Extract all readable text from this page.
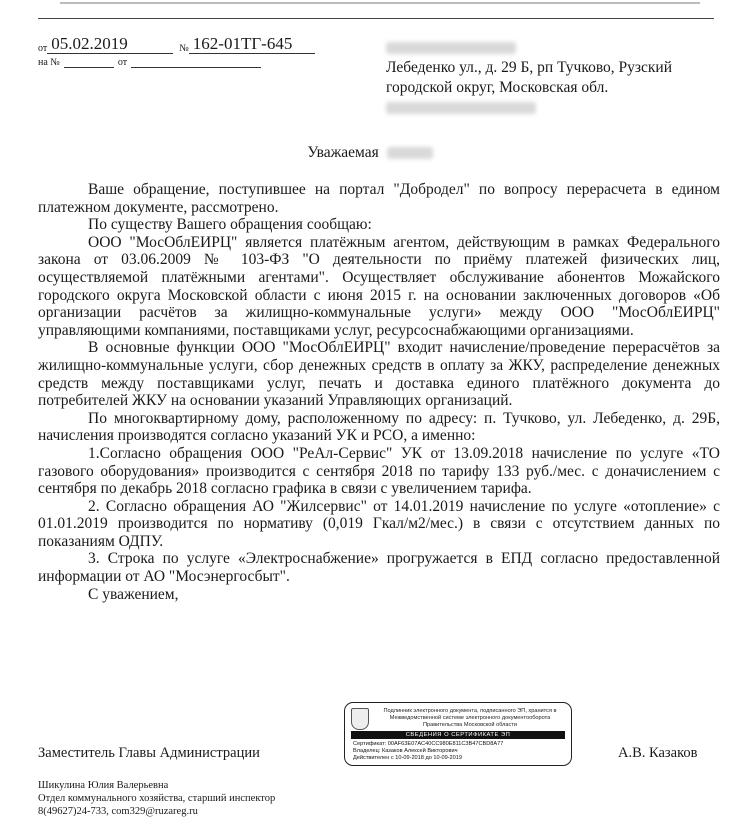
от 05.02.2019	№ 162-01ТГ-645
на №	от	Лебеденко ул., д. 29 Б, рп Тучково, Рузский городской округ, Московская обл.
Уважаемая

Ваше обращение, поступившее на портал "Добродел" по вопросу перерасчета в едином платежном документе, рассмотрено.

По существу Вашего обращения сообщаю:

ООО "МосОблЕИРЦ" является платёжным агентом, действующим в рамках Федерального закона от 03.06.2009 № 103-ФЗ "О деятельности по приёму платежей физических лиц, осуществляемой платёжными агентами". Осуществляет обслуживание абонентов Можайского городского округа Московской области с июня 2015 г. на основании заключенных договоров «Об организации расчётов за жилищно-коммунальные услуги» между ООО "МосОблЕИРЦ" управляющими компаниями, поставщиками услуг, ресурсоснабжающими организациями.

В основные функции ООО "МосОблЕИРЦ" входит начисление/проведение перерасчётов за жилищно-коммунальные услуги, сбор денежных средств в оплату за ЖКУ, распределение денежных средств между поставщиками услуг, печать и доставка единого платёжного документа до потребителей ЖКУ на основании указаний Управляющих организаций.

По многоквартирному дому, расположенному по адресу: п. Тучково, ул. Лебеденко, д. 29Б, начисления производятся согласно указаний УК и РСО, а именно:

1.Согласно обращения ООО "РеАл-Сервис" УК от 13.09.2018 начисление по услуге «ТО газового оборудования» производится с сентября 2018 по тарифу 133 руб./мес. с доначислением с сентября по декабрь 2018 согласно графика в связи с увеличением тарифа.

2. Согласно обращения АО "Жилсервис" от 14.01.2019 начисление по услуге «отопление» с 01.01.2019 производится по нормативу (0,019 Гкал/м2/мес.) в связи с отсутствием данных по показаниям ОДПУ.

3. Строка по услуге «Электроснабжение» прогружается в ЕПД согласно предоставленной информации от АО "Мосэнергосбыт".

С уважением,

Подлинник электронного документа, подписанного ЭП, хранится в Межведомственной системе электронного документооборота Правительства Московской области
СВЕДЕНИЯ О СЕРТИФИКАТЕ ЭП
Сертификат: 00AF63E07AC40CC980E811C3B47CBD8A77
Владелец: Казаков Алексей Викторович
Действителен с 10-09-2018 до 10-09-2019
Заместитель Главы Администрации	А.В. Казаков
Шикулина Юлия Валерьевна
Отдел коммунального хозяйства, старший инспектор
8(49627)24-733, com329@ruzareg.ru
